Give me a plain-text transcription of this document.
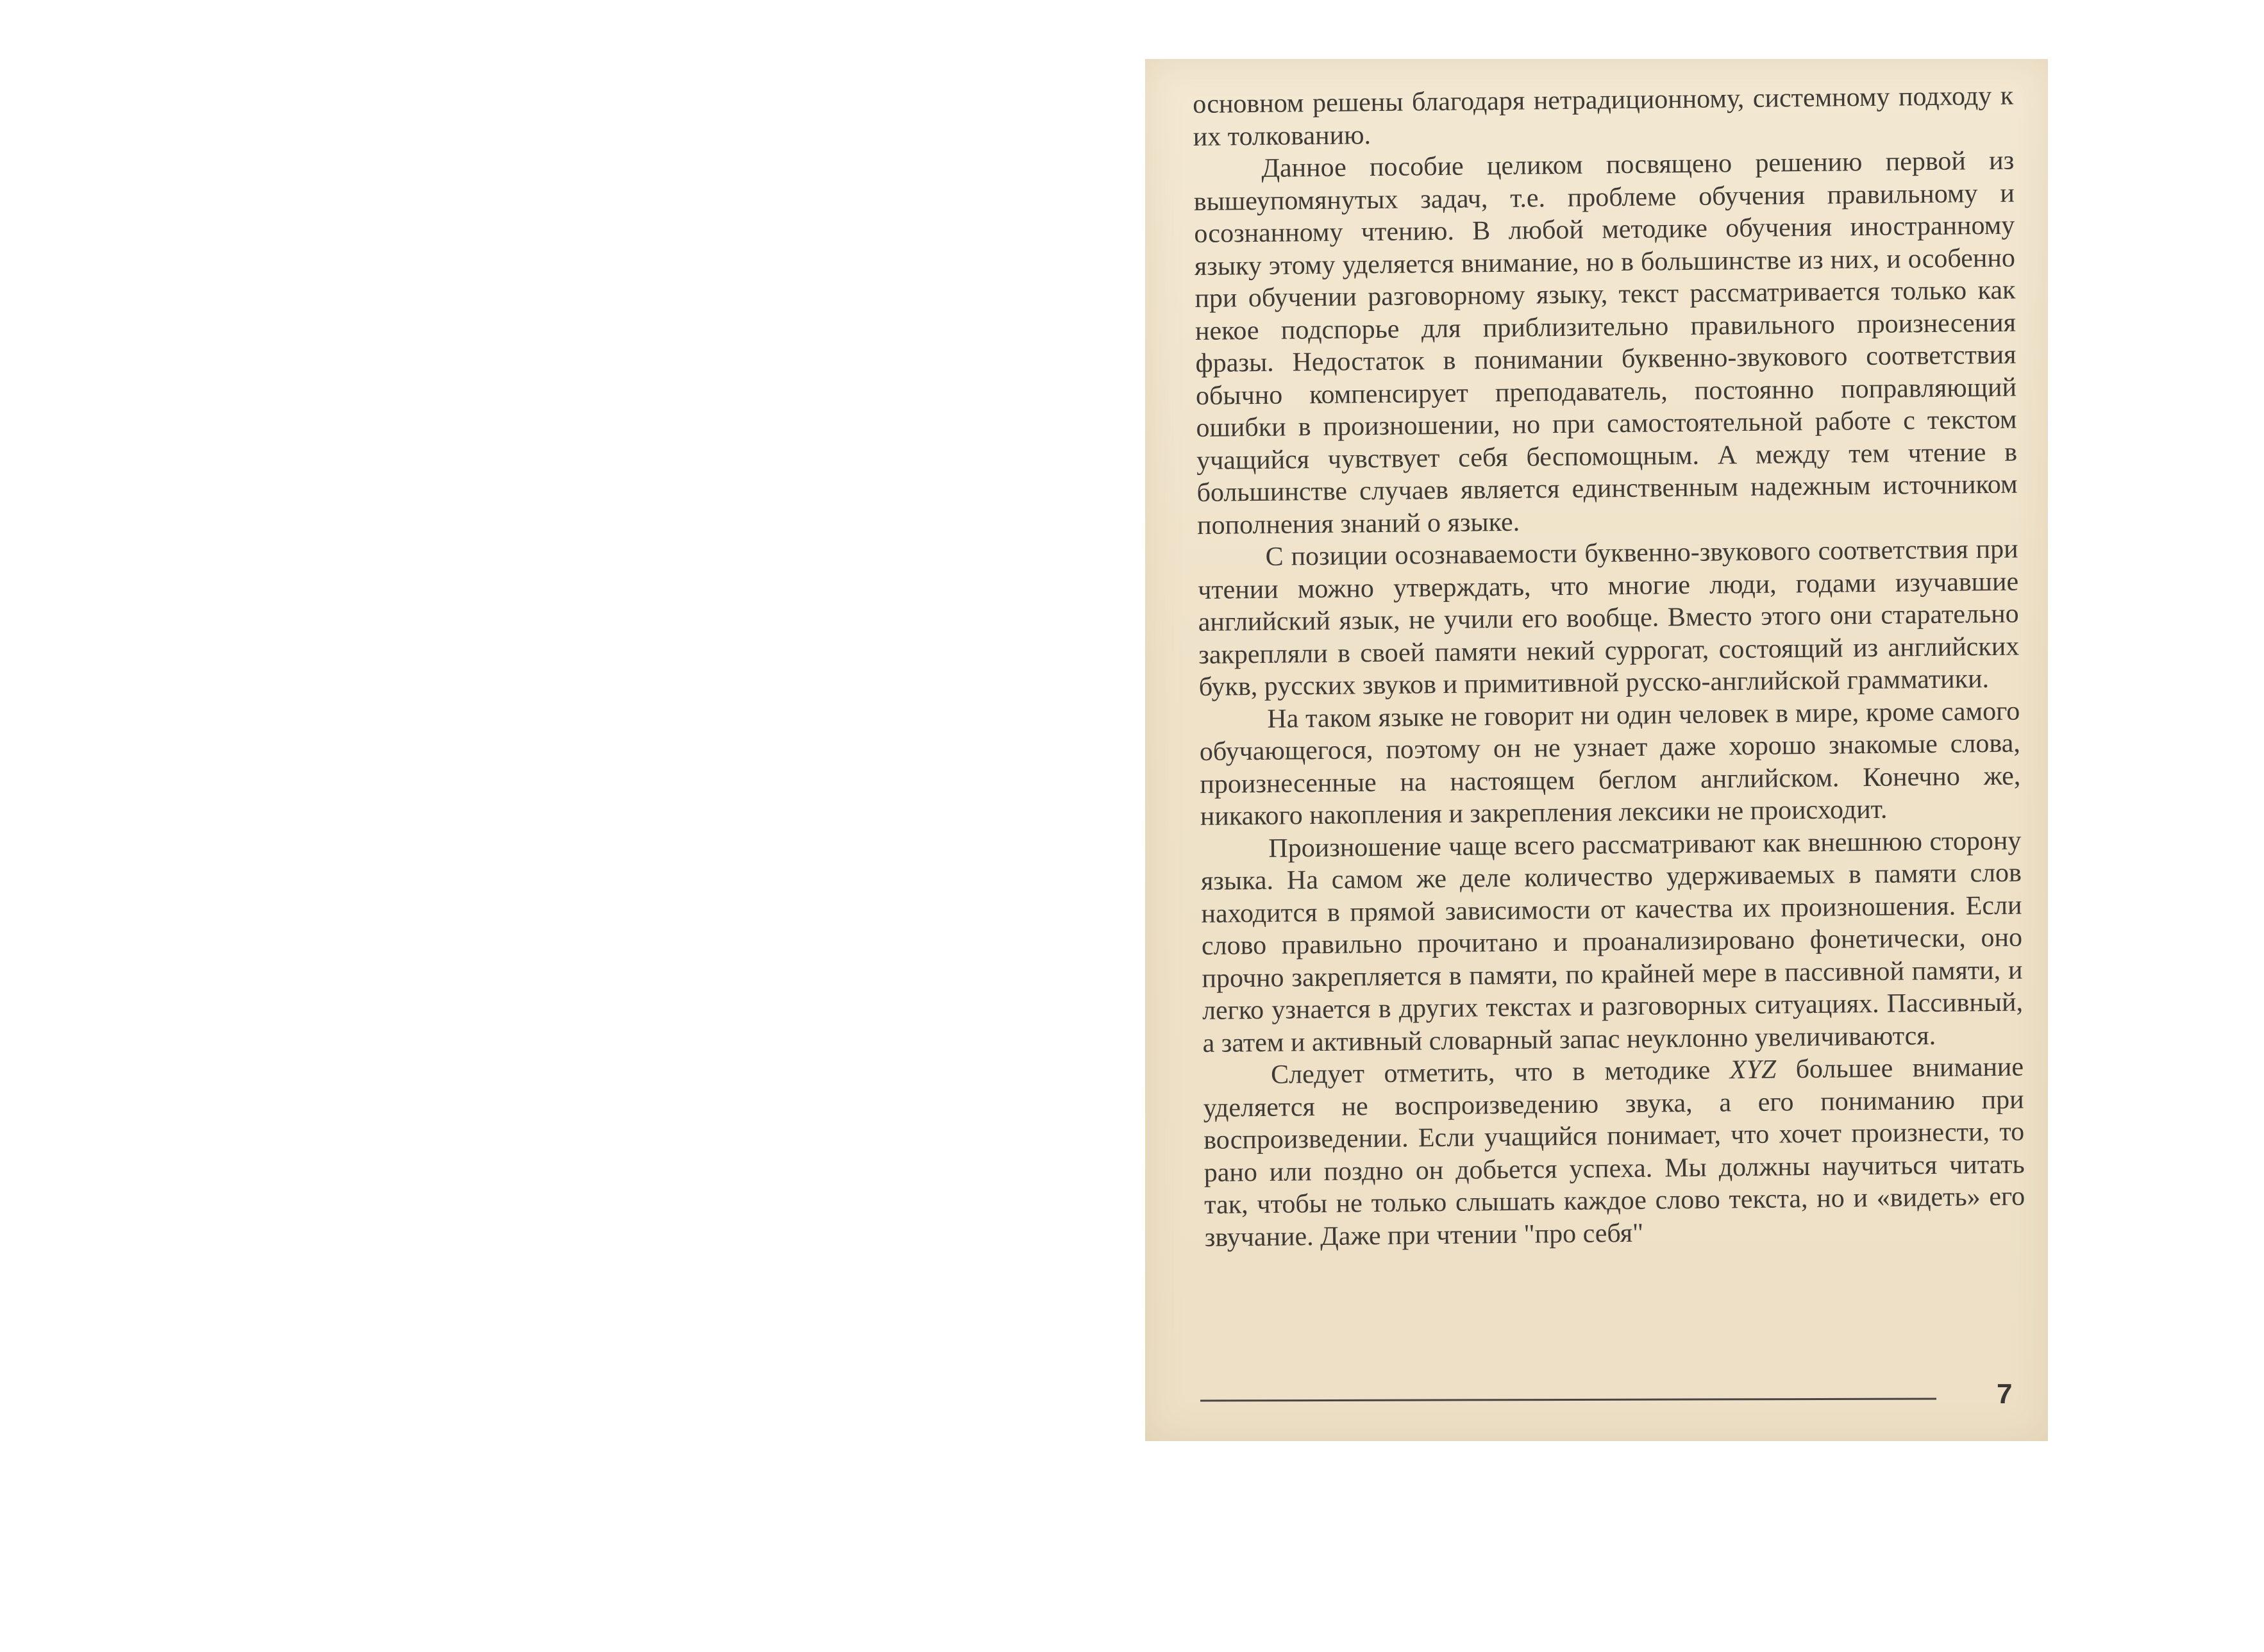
основном решены благодаря нетрадиционному, системному подходу к их толкованию.

Данное пособие целиком посвящено решению первой из вышеупомянутых задач, т.е. проблеме обучения правильному и осознанному чтению. В любой методике обучения иностранному языку этому уделяется внимание, но в большинстве из них, и особенно при обучении разговорному языку, текст рассматривается только как некое подспорье для приблизительно правильного произнесения фразы. Недостаток в понимании буквенно-звукового соответствия обычно компенсирует преподаватель, постоянно поправляющий ошибки в произношении, но при самостоятельной работе с текстом учащийся чувствует себя беспомощным. А между тем чтение в большинстве случаев является единственным надежным источником пополнения знаний о языке.

С позиции осознаваемости буквенно-звукового соответствия при чтении можно утверждать, что многие люди, годами изучавшие английский язык, не учили его вообще. Вместо этого они старательно закрепляли в своей памяти некий суррогат, состоящий из английских букв, русских звуков и примитивной русско-английской грамматики.

На таком языке не говорит ни один человек в мире, кроме самого обучающегося, поэтому он не узнает даже хорошо знакомые слова, произнесенные на настоящем беглом английском. Конечно же, никакого накопления и закрепления лексики не происходит.

Произношение чаще всего рассматривают как внешнюю сторону языка. На самом же деле количество удерживаемых в памяти слов находится в прямой зависимости от качества их произношения. Если слово правильно прочитано и проанализировано фонетически, оно прочно закрепляется в памяти, по крайней мере в пассивной памяти, и легко узнается в других текстах и разговорных ситуациях. Пассивный, а затем и активный словарный запас неуклонно увеличиваются.

Следует отметить, что в методике XYZ большее внимание уделяется не воспроизведению звука, а его пониманию при воспроизведении. Если учащийся понимает, что хочет произнести, то рано или поздно он добьется успеха. Мы должны научиться читать так, чтобы не только слышать каждое слово текста, но и «видеть» его звучание. Даже при чтении "про себя"

7
